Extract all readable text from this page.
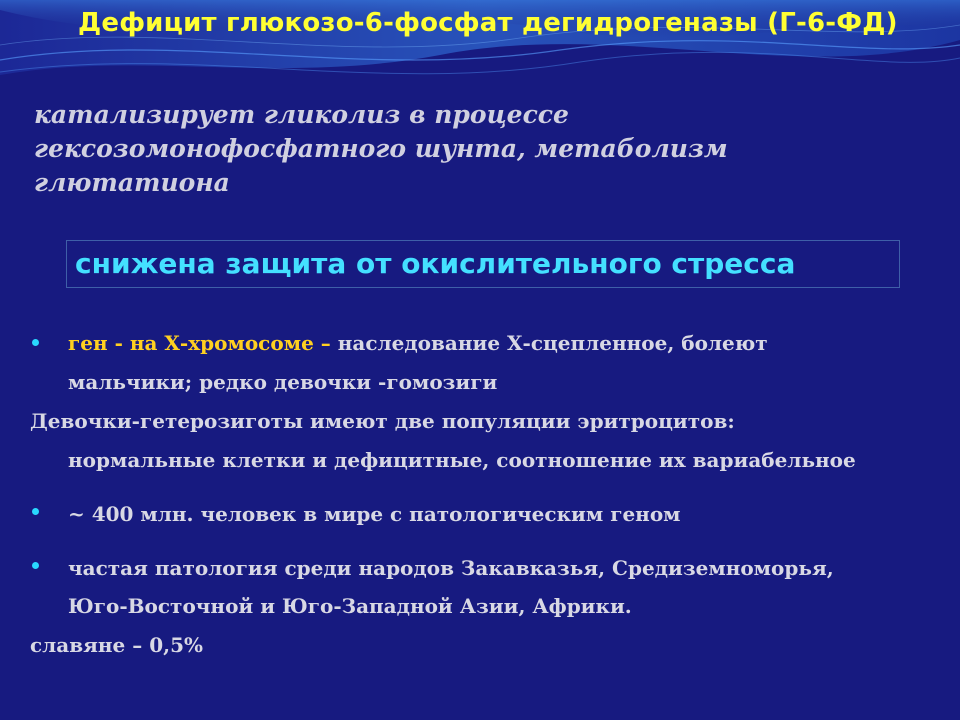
Дефицит глюкозо-6-фосфат дегидрогеназы (Г-6-ФД)
катализирует гликолиз в процессе
гексозомонофосфатного шунта, метаболизм
глютатиона
снижена защита от окислительного стресса
ген - на Х-хромосоме – наследование Х-сцепленное, болеют
мальчики; редко девочки -гомозиги
Девочки-гетерозиготы имеют две популяции эритроцитов:
нормальные клетки и дефицитные, соотношение их вариабельное
~ 400 млн. человек в мире с патологическим геном
частая патология среди народов Закавказья, Средиземноморья,
Юго-Восточной и Юго-Западной Азии, Африки.
славяне – 0,5%
